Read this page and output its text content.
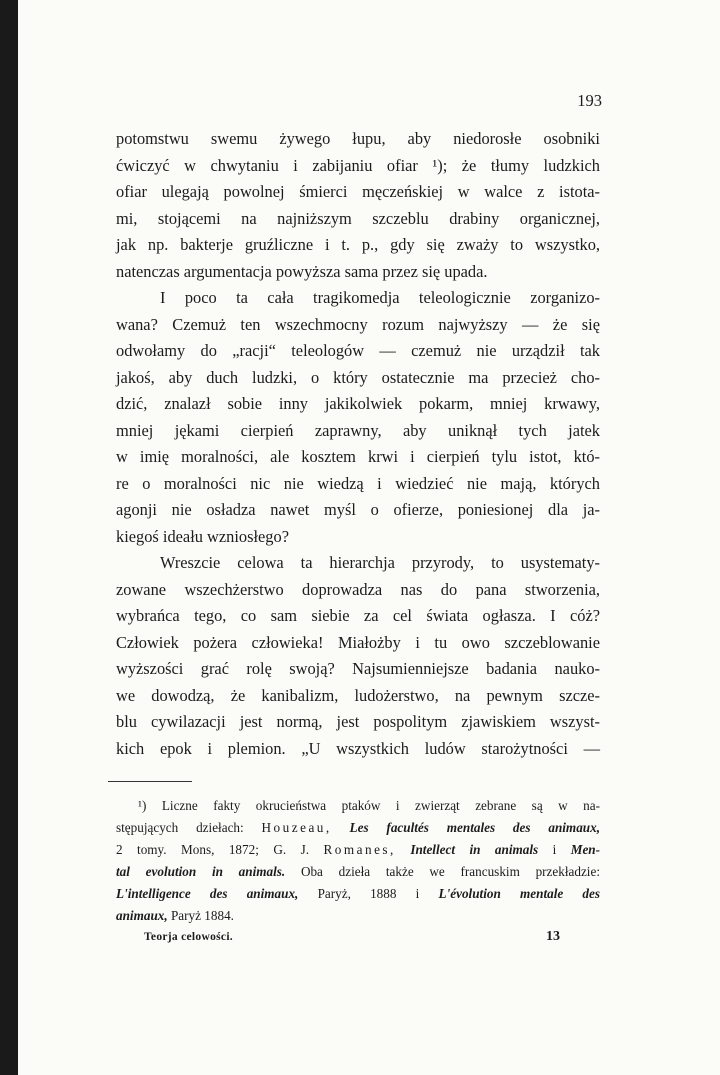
193

potomstwu swemu żywego łupu, aby niedorosłe osobniki
ćwiczyć w chwytaniu i zabijaniu ofiar ¹); że tłumy ludzkich
ofiar ulegają powolnej śmierci męczeńskiej w walce z istota-
mi, stojącemi na najniższym szczeblu drabiny organicznej,
jak np. bakterje gruźliczne i t. p., gdy się zważy to wszystko,
natenczas argumentacja powyższa sama przez się upada.

I poco ta cała tragikomedja teleologicznie zorganizo-
wana? Czemuż ten wszechmocny rozum najwyższy — że się
odwołamy do „racji“ teleologów — czemuż nie urządził tak
jakoś, aby duch ludzki, o który ostatecznie ma przecież cho-
dzić, znalazł sobie inny jakikolwiek pokarm, mniej krwawy,
mniej jękami cierpień zaprawny, aby uniknął tych jatek
w imię moralności, ale kosztem krwi i cierpień tylu istot, któ-
re o moralności nic nie wiedzą i wiedzieć nie mają, których
agonji nie osładza nawet myśl o ofierze, poniesionej dla ja-
kiegoś ideału wzniosłego?

Wreszcie celowa ta hierarchja przyrody, to usystematy-
zowane wszechżerstwo doprowadza nas do pana stworzenia,
wybrańca tego, co sam siebie za cel świata ogłasza. I cóż?
Człowiek pożera człowieka! Miałożby i tu owo szczeblowanie
wyższości grać rolę swoją? Najsumienniejsze badania nauko-
we dowodzą, że kanibalizm, ludożerstwo, na pewnym szcze-
blu cywilazacji jest normą, jest pospolitym zjawiskiem wszyst-
kich epok i plemion. „U wszystkich ludów starożytności —

¹) Liczne fakty okrucieństwa ptaków i zwierząt zebrane są w na-
stępujących dziełach: Houzeau, Les facultés mentales des animaux,
2 tomy. Mons, 1872; G. J. Romanes, Intellect in animals i Men-
tal evolution in animals. Oba dzieła także we francuskim przekładzie:
L'intelligence des animaux, Paryż, 1888 i L'évolution mentale des
animaux, Paryż 1884.
Teorja celowości.	13
